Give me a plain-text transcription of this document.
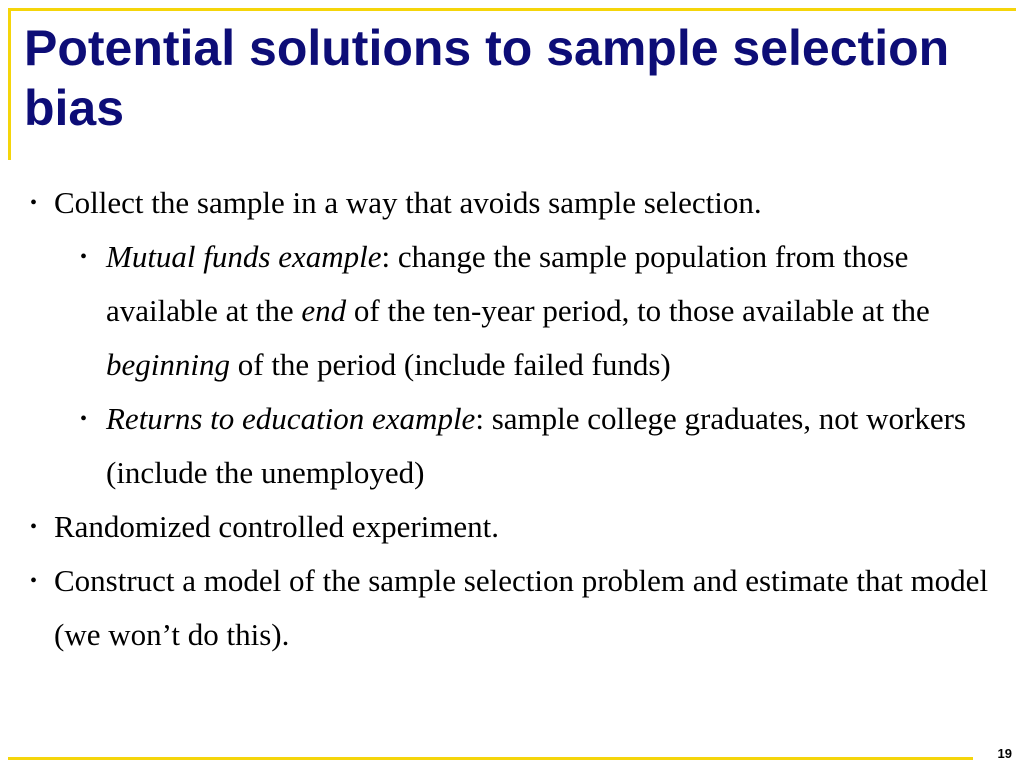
Potential solutions to sample selection bias

• Collect the sample in a way that avoids sample selection.

• Mutual funds example: change the sample population from those available at the end of the ten-year period, to those available at the beginning of the period (include failed funds)

• Returns to education example: sample college graduates, not workers (include the unemployed)

• Randomized controlled experiment.

• Construct a model of the sample selection problem and estimate that model (we won’t do this).

19
